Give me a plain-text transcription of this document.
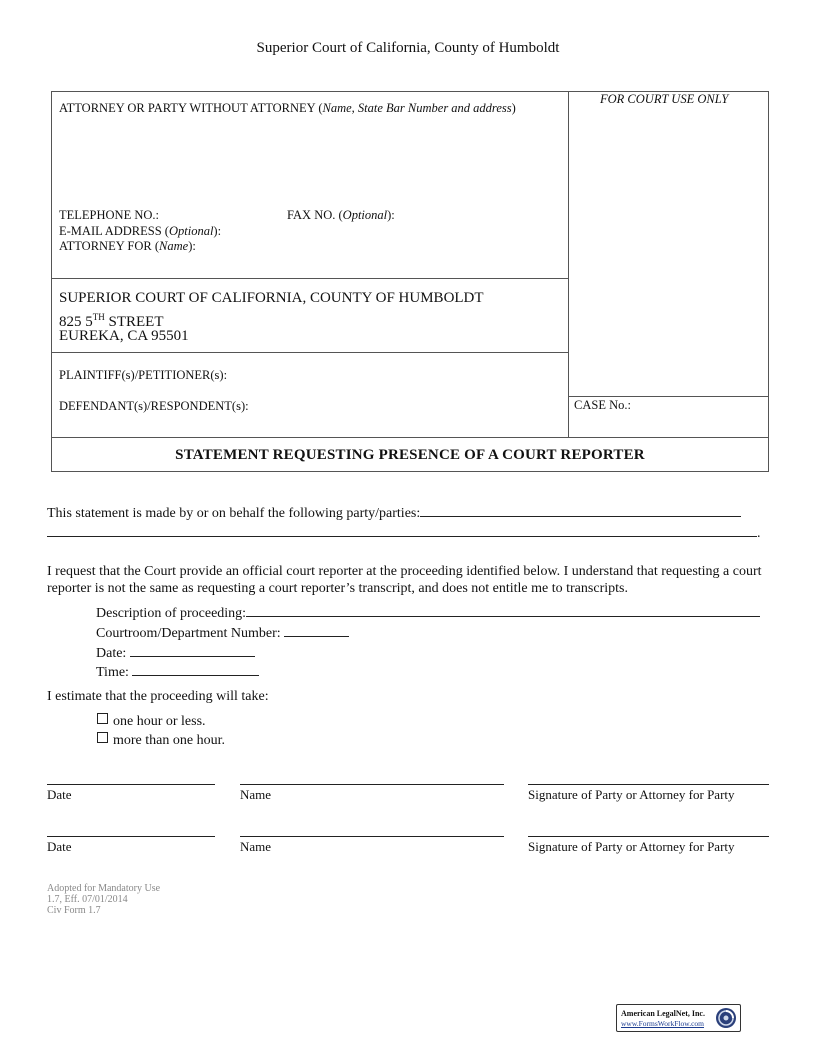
Superior Court of California, County of Humboldt
ATTORNEY OR PARTY WITHOUT ATTORNEY (Name, State Bar Number and address)
FOR COURT USE ONLY
TELEPHONE NO.:	FAX NO. (Optional):
E-MAIL ADDRESS (Optional):
ATTORNEY FOR (Name):
SUPERIOR COURT OF CALIFORNIA, COUNTY OF HUMBOLDT
825 5TH STREET
EUREKA, CA 95501
PLAINTIFF(s)/PETITIONER(s):
DEFENDANT(s)/RESPONDENT(s):	CASE No.:
STATEMENT REQUESTING PRESENCE OF A COURT REPORTER
This statement is made by or on behalf the following party/parties:
.
I request that the Court provide an official court reporter at the proceeding identified below. I understand that requesting a court reporter is not the same as requesting a court reporter’s transcript, and does not entitle me to transcripts.
Description of proceeding:
Courtroom/Department Number:
Date:
Time:
I estimate that the proceeding will take:
one hour or less.
more than one hour.
Date	Name	Signature of Party or Attorney for Party
Date	Name	Signature of Party or Attorney for Party
Adopted for Mandatory Use
1.7, Eff. 07/01/2014
Civ Form 1.7
American LegalNet, Inc.
www.FormsWorkFlow.com
